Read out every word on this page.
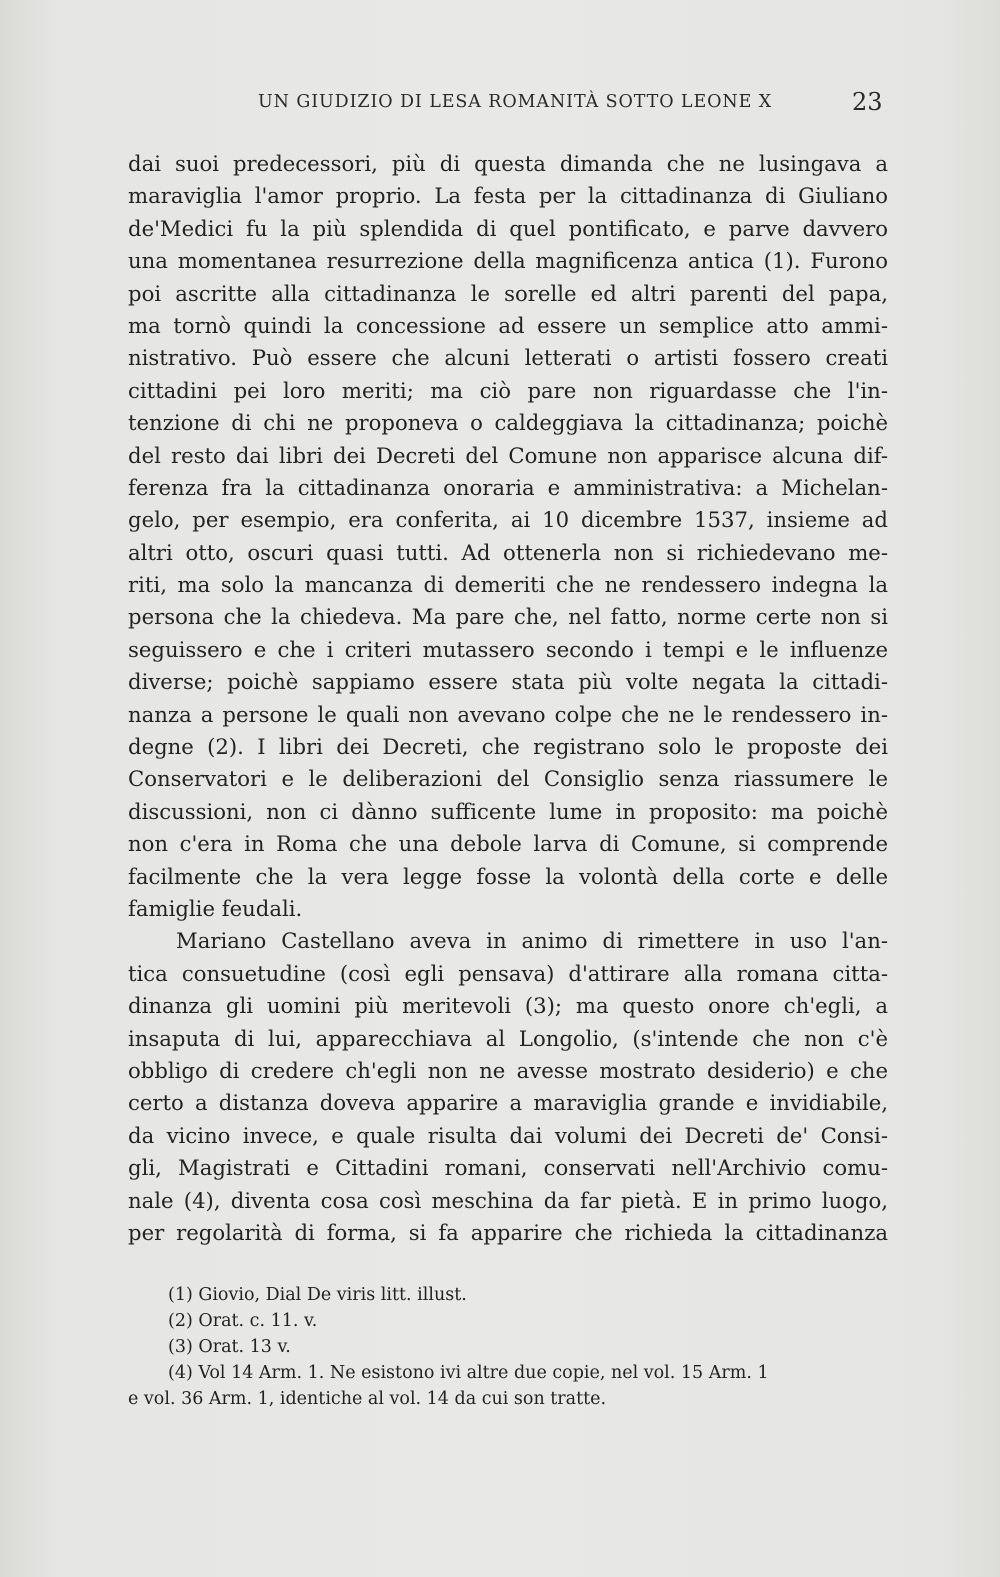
UN GIUDIZIO DI LESA ROMANITÀ SOTTO LEONE X	23
dai suoi predecessori, più di questa dimanda che ne lusingava a
maraviglia l'amor proprio. La festa per la cittadinanza di Giuliano
de'Medici fu la più splendida di quel pontificato, e parve davvero
una momentanea resurrezione della magnificenza antica (1). Furono
poi ascritte alla cittadinanza le sorelle ed altri parenti del papa,
ma tornò quindi la concessione ad essere un semplice atto ammi-
nistrativo. Può essere che alcuni letterati o artisti fossero creati
cittadini pei loro meriti; ma ciò pare non riguardasse che l'in-
tenzione di chi ne proponeva o caldeggiava la cittadinanza; poichè
del resto dai libri dei Decreti del Comune non apparisce alcuna dif-
ferenza fra la cittadinanza onoraria e amministrativa: a Michelan-
gelo, per esempio, era conferita, ai 10 dicembre 1537, insieme ad
altri otto, oscuri quasi tutti. Ad ottenerla non si richiedevano me-
riti, ma solo la mancanza di demeriti che ne rendessero indegna la
persona che la chiedeva. Ma pare che, nel fatto, norme certe non si
seguissero e che i criteri mutassero secondo i tempi e le influenze
diverse; poichè sappiamo essere stata più volte negata la cittadi-
nanza a persone le quali non avevano colpe che ne le rendessero in-
degne (2). I libri dei Decreti, che registrano solo le proposte dei
Conservatori e le deliberazioni del Consiglio senza riassumere le
discussioni, non ci dànno sufficente lume in proposito: ma poichè
non c'era in Roma che una debole larva di Comune, si comprende
facilmente che la vera legge fosse la volontà della corte e delle
famiglie feudali.
Mariano Castellano aveva in animo di rimettere in uso l'an-
tica consuetudine (così egli pensava) d'attirare alla romana citta-
dinanza gli uomini più meritevoli (3); ma questo onore ch'egli, a
insaputa di lui, apparecchiava al Longolio, (s'intende che non c'è
obbligo di credere ch'egli non ne avesse mostrato desiderio) e che
certo a distanza doveva apparire a maraviglia grande e invidiabile,
da vicino invece, e quale risulta dai volumi dei Decreti de' Consi-
gli, Magistrati e Cittadini romani, conservati nell'Archivio comu-
nale (4), diventa cosa così meschina da far pietà. E in primo luogo,
per regolarità di forma, si fa apparire che richieda la cittadinanza
(1) Giovio, Dial De viris litt. illust.
(2) Orat. c. 11. v.
(3) Orat. 13 v.
(4) Vol 14 Arm. 1. Ne esistono ivi altre due copie, nel vol. 15 Arm. 1
e vol. 36 Arm. 1, identiche al vol. 14 da cui son tratte.
